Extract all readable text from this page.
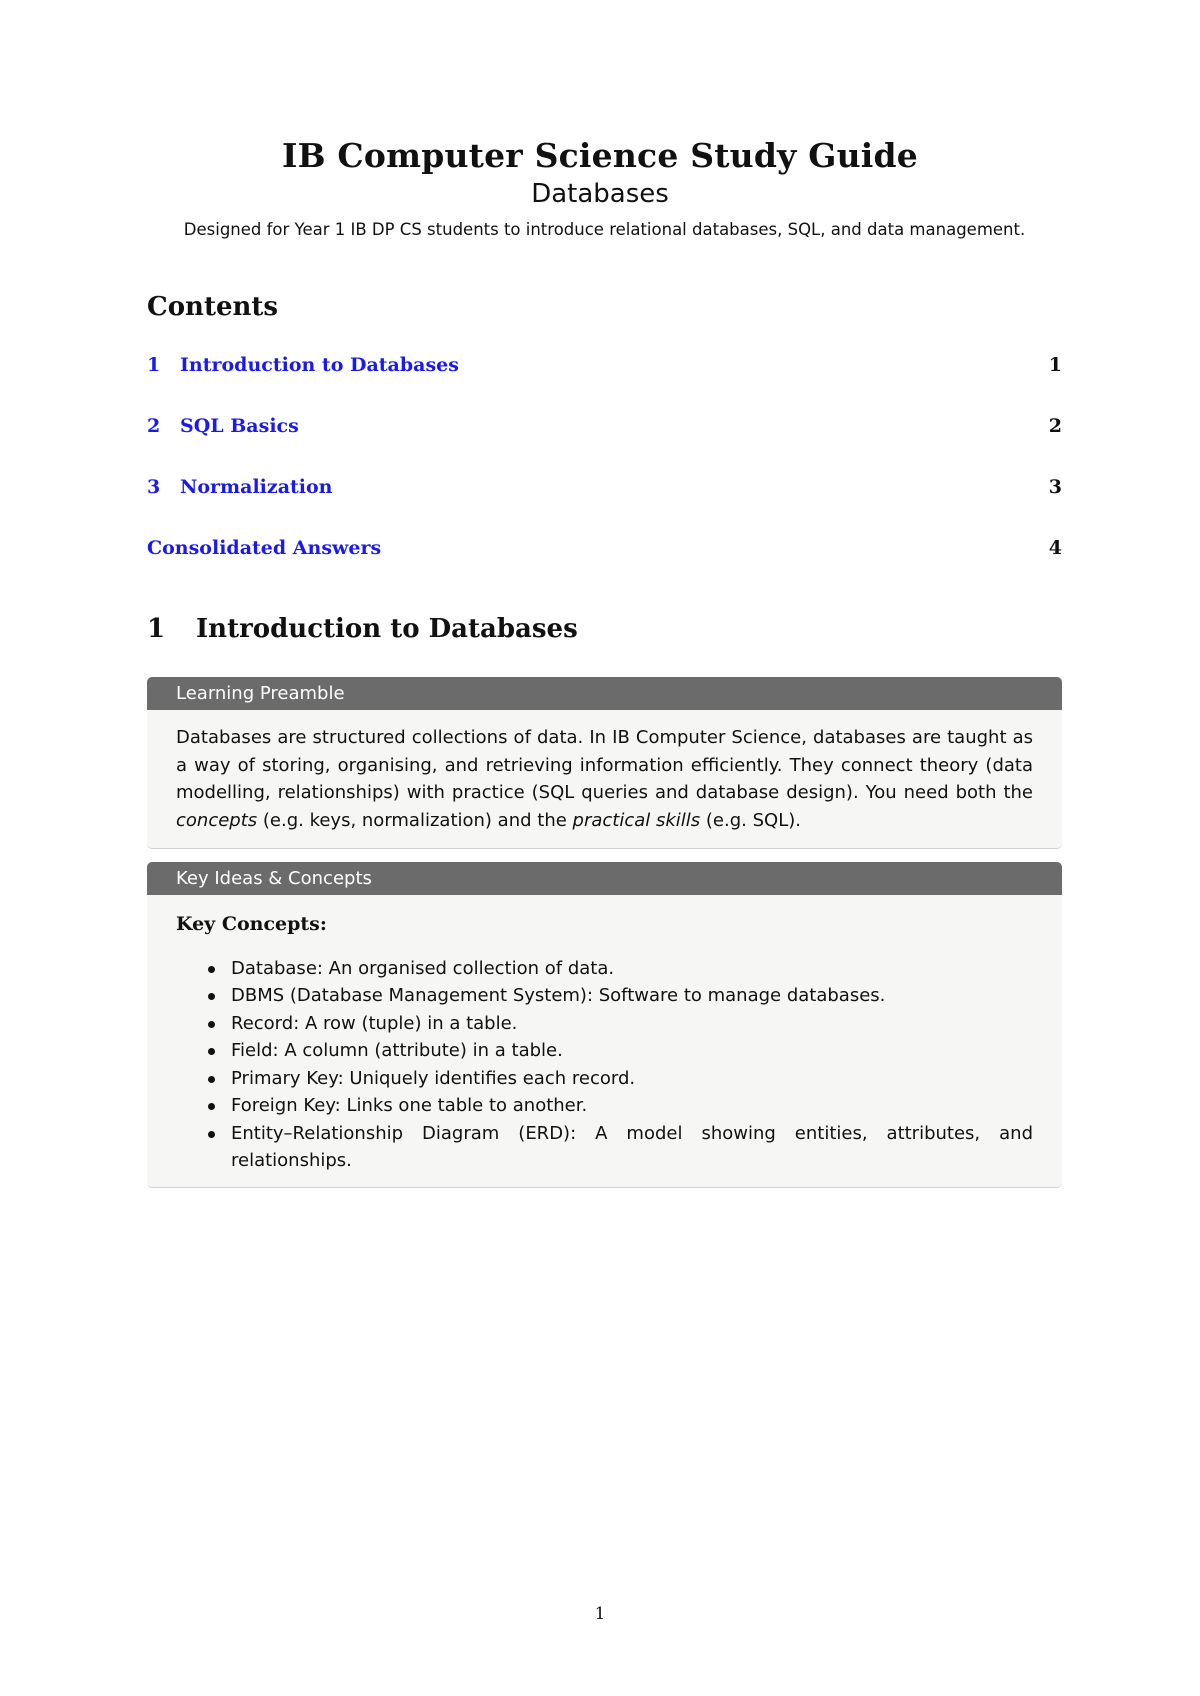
IB Computer Science Study Guide
Databases
Designed for Year 1 IB DP CS students to introduce relational databases, SQL, and data management.
Contents
1 Introduction to Databases	1
2 SQL Basics	2
3 Normalization	3
Consolidated Answers	4
1 Introduction to Databases
Learning Preamble
Databases are structured collections of data. In IB Computer Science, databases are taught as a way of storing, organising, and retrieving information efficiently. They connect theory (data modelling, relationships) with practice (SQL queries and database design). You need both the concepts (e.g. keys, normalization) and the practical skills (e.g. SQL).
Key Ideas & Concepts
Key Concepts:
Database: An organised collection of data.
DBMS (Database Management System): Software to manage databases.
Record: A row (tuple) in a table.
Field: A column (attribute) in a table.
Primary Key: Uniquely identifies each record.
Foreign Key: Links one table to another.
Entity–Relationship Diagram (ERD): A model showing entities, attributes, and relationships.
1
